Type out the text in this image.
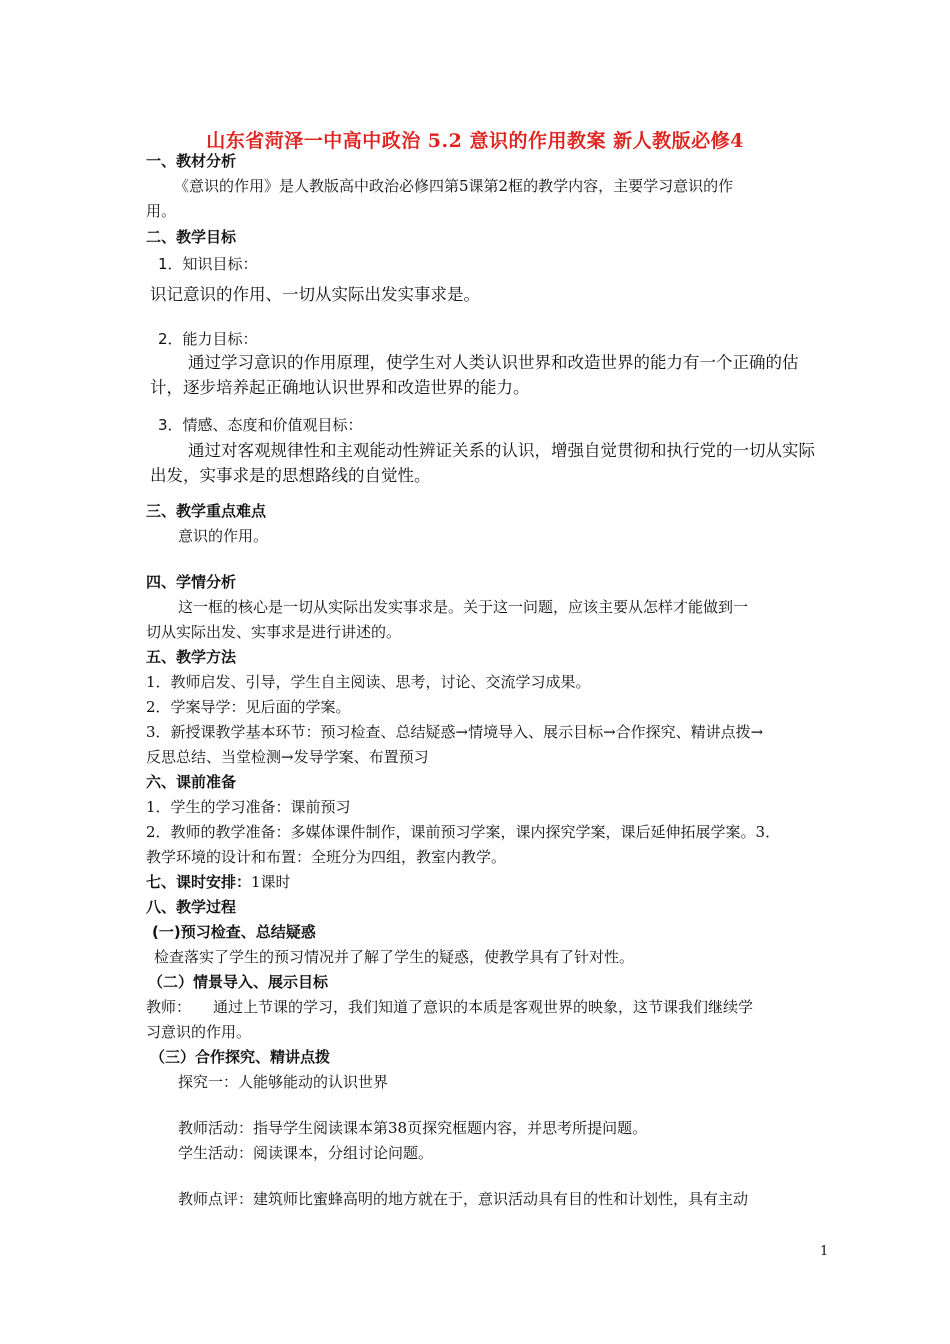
山东省菏泽一中高中政治 5.2 意识的作用教案 新人教版必修4
一、教材分析
《意识的作用》是人教版高中政治必修四第5课第2框的教学内容，主要学习意识的作
用。
二、教学目标
1．知识目标：
识记意识的作用、一切从实际出发实事求是。
2．能力目标：
通过学习意识的作用原理，使学生对人类认识世界和改造世界的能力有一个正确的估
计，逐步培养起正确地认识世界和改造世界的能力。
3．情感、态度和价值观目标：
通过对客观规律性和主观能动性辨证关系的认识，增强自觉贯彻和执行党的一切从实际
出发，实事求是的思想路线的自觉性。
三、教学重点难点
意识的作用。
四、学情分析
这一框的核心是一切从实际出发实事求是。关于这一问题，应该主要从怎样才能做到一
切从实际出发、实事求是进行讲述的。
五、教学方法
1．教师启发、引导，学生自主阅读、思考，讨论、交流学习成果。
2．学案导学：见后面的学案。
3．新授课教学基本环节：预习检查、总结疑惑→情境导入、展示目标→合作探究、精讲点拨→
反思总结、当堂检测→发导学案、布置预习
六、课前准备
1．学生的学习准备：课前预习
2．教师的教学准备：多媒体课件制作，课前预习学案，课内探究学案，课后延伸拓展学案。3．
教学环境的设计和布置：全班分为四组，教室内教学。
七、课时安排：1课时
八、教学过程
(一)预习检查、总结疑惑
检查落实了学生的预习情况并了解了学生的疑惑，使教学具有了针对性。
（二）情景导入、展示目标
教师： 通过上节课的学习，我们知道了意识的本质是客观世界的映象，这节课我们继续学
习意识的作用。
（三）合作探究、精讲点拨
探究一：人能够能动的认识世界
教师活动：指导学生阅读课本第38页探究框题内容，并思考所提问题。
学生活动：阅读课本，分组讨论问题。
教师点评：建筑师比蜜蜂高明的地方就在于，意识活动具有目的性和计划性，具有主动
1
